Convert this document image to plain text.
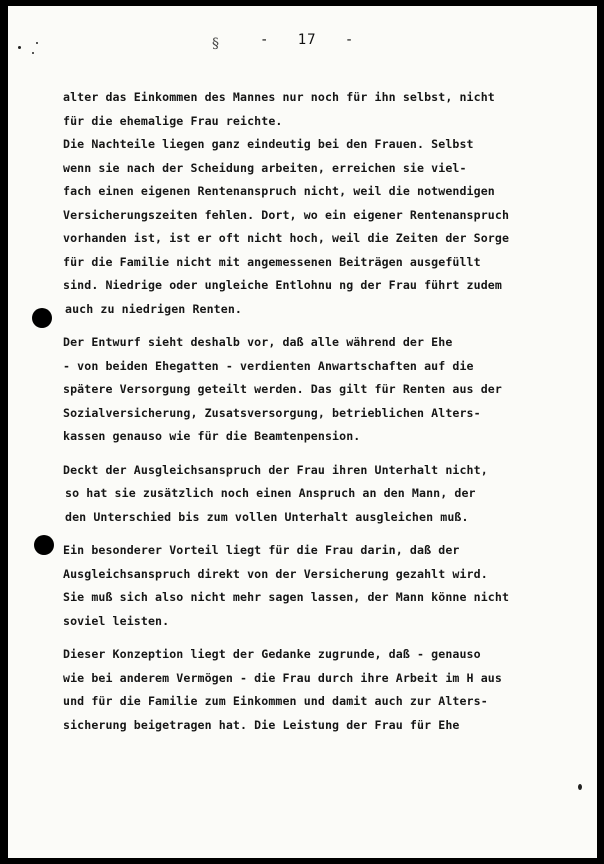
-   17   -
§

alter das Einkommen des Mannes nur noch für ihn selbst, nicht
für die ehemalige Frau reichte.
Die Nachteile liegen ganz eindeutig bei den Frauen. Selbst
wenn sie nach der Scheidung arbeiten, erreichen sie viel-
fach einen eigenen Rentenanspruch nicht, weil die notwendigen
Versicherungszeiten fehlen. Dort, wo ein eigener Rentenanspruch
vorhanden ist, ist er oft nicht hoch, weil die Zeiten der Sorge
für die Familie nicht mit angemessenen Beiträgen ausgefüllt
sind. Niedrige oder ungleiche Entlohnu ng der Frau führt zudem
auch zu niedrigen Renten.

Der Entwurf sieht deshalb vor, daß alle während der Ehe
- von beiden Ehegatten - verdienten Anwartschaften auf die
spätere Versorgung geteilt werden. Das gilt für Renten aus der
Sozialversicherung, Zusatsversorgung, betrieblichen Alters-
kassen genauso wie für die Beamtenpension.

Deckt der Ausgleichsanspruch der Frau ihren Unterhalt nicht,
so hat sie zusätzlich noch einen Anspruch an den Mann, der
den Unterschied bis zum vollen Unterhalt ausgleichen muß.

Ein besonderer Vorteil liegt für die Frau darin, daß der
Ausgleichsanspruch direkt von der Versicherung gezahlt wird.
Sie muß sich also nicht mehr sagen lassen, der Mann könne nicht
soviel leisten.

Dieser Konzeption liegt der Gedanke zugrunde, daß - genauso
wie bei anderem Vermögen - die Frau durch ihre Arbeit im H aus
und für die Familie zum Einkommen und damit auch zur Alters-
sicherung beigetragen hat. Die Leistung der Frau für Ehe
